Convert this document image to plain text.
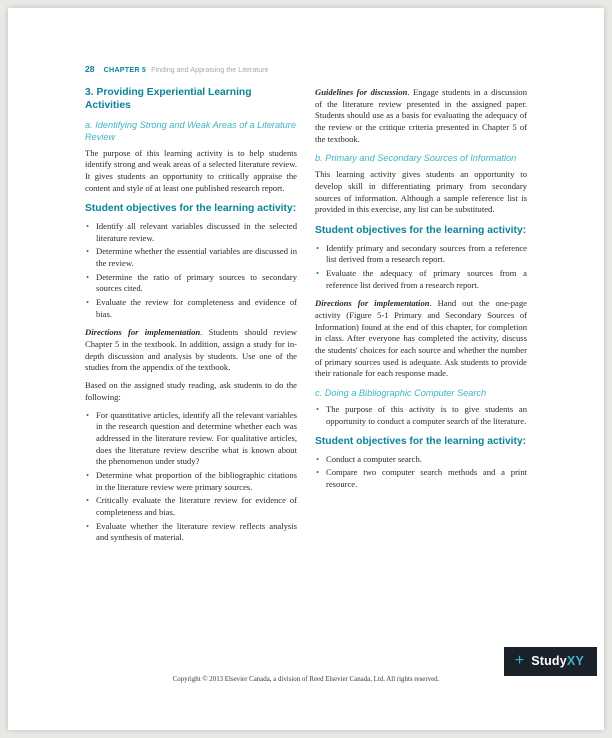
28 CHAPTER 5 Finding and Appraising the Literature
3. Providing Experiential Learning Activities
a. Identifying Strong and Weak Areas of a Literature Review

The purpose of this learning activity is to help students identify strong and weak areas of a selected literature review. It gives students an opportunity to critically appraise the content and style of at least one published research report.

Student objectives for the learning activity:
• Identify all relevant variables discussed in the selected literature review.
• Determine whether the essential variables are discussed in the review.
• Determine the ratio of primary sources to secondary sources cited.
• Evaluate the review for completeness and evidence of bias.

Directions for implementation. Students should review Chapter 5 in the textbook. In addition, assign a study for in-depth discussion and analysis by students. Use one of the studies from the appendix of the textbook.

Based on the assigned study reading, ask students to do the following:

• For quantitative articles, identify all the relevant variables in the research question and determine whether each was addressed in the literature review. For qualitative articles, does the literature review describe what is known about the phenomenon under study?
• Determine what proportion of the bibliographic citations in the literature review were primary sources.
• Critically evaluate the literature review for evidence of completeness and bias.
• Evaluate whether the literature review reflects analysis and synthesis of material.

Guidelines for discussion. Engage students in a discussion of the literature review presented in the assigned paper. Students should use as a basis for evaluating the adequacy of the review or the critique criteria presented in Chapter 5 of the textbook.

b. Primary and Secondary Sources of Information

This learning activity gives students an opportunity to develop skill in differentiating primary from secondary sources of information. Although a sample reference list is provided in this exercise, any list can be substituted.

Student objectives for the learning activity:
• Identify primary and secondary sources from a reference list derived from a research report.
• Evaluate the adequacy of primary sources from a reference list derived from a research report.

Directions for implementation. Hand out the one-page activity (Figure 5-1 Primary and Secondary Sources of Information) found at the end of this chapter, for completion in class. After everyone has completed the activity, discuss the students' choices for each source and whether the number of primary sources used is adequate. Ask students to provide their rationale for each response made.

c. Doing a Bibliographic Computer Search
• The purpose of this activity is to give students an opportunity to conduct a computer search of the literature.
Student objectives for the learning activity:
• Conduct a computer search.
• Compare two computer search methods and a print resource.
+ StudyXY
Copyright © 2013 Elsevier Canada, a division of Reed Elsevier Canada, Ltd. All rights reserved.
